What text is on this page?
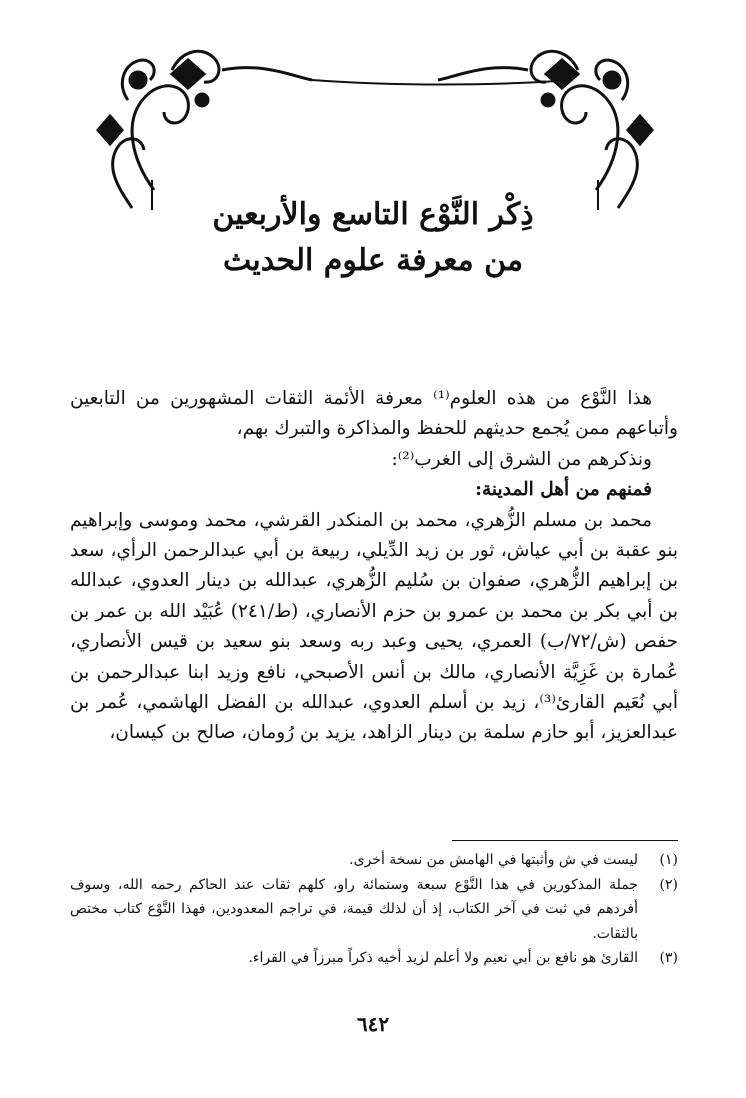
ذِكْر النَّوْع التاسع والأربعين
من معرفة علوم الحديث

هذا النَّوْع من هذه العلوم⁽¹⁾ معرفة الأئمة الثقات المشهورين من التابعين وأتباعهم ممن يُجمع حديثهم للحفظ والمذاكرة والتبرك بهم،

ونذكرهم من الشرق إلى الغرب⁽²⁾:

فمنهم من أهل المدينة:

محمد بن مسلم الزُّهري، محمد بن المنكدر القرشي، محمد وموسى وإبراهيم بنو عقبة بن أبي عياش، ثور بن زيد الدِّيلي، ربيعة بن أبي عبدالرحمن الرأي، سعد بن إبراهيم الزُّهري، صفوان بن سُليم الزُّهري، عبدالله بن دينار العدوي، عبدالله بن أبي بكر بن محمد بن عمرو بن حزم الأنصاري، (ط/٢٤١) عُبَيْد الله بن عمر بن حفص (ش/٧٢/ب) العمري، يحيى وعبد ربه وسعد بنو سعيد بن قيس الأنصاري، عُمارة بن غَزِيَّة الأنصاري، مالك بن أنس الأصبحي، نافع وزيد ابنا عبدالرحمن بن أبي نُعَيم القارئ⁽³⁾، زيد بن أسلم العدوي، عبدالله بن الفضل الهاشمي، عُمر بن عبدالعزيز، أبو حازم سلمة بن دينار الزاهد، يزيد بن رُومان، صالح بن كيسان،

(١)
ليست في ش وأثبتها في الهامش من نسخة أخرى.
(٢)
جملة المذكورين في هذا النَّوْع سبعة وستمائة راو، كلهم ثقات عند الحاكم رحمه الله، وسوف أفردهم في ثبت في آخر الكتاب، إذ أن لذلك قيمة، في تراجم المعدودين، فهذا النَّوْع كتاب مختص بالثقات.
(٣)
القارئ هو نافع بن أبي نعيم ولا أعلم لزيد أخيه ذكراً مبرزاً في القراء.
٦٤٢
